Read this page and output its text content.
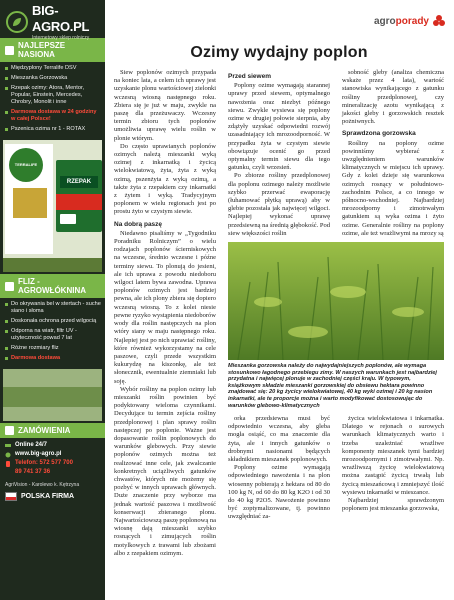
BIG-AGRO.PL
Internetowy sklep rolniczy
NAJLEPSZE NASIONA
Międzyplony Terralife DSV
Mieszanka Gorzowska
Rzepak ozimy: Atora, Mentor, Popular, Einstein, Mercedes, Chrobry, Monolit i inne
Darmowa dostawa w 24 godziny w całej Polsce!
Pszenica ozima nr 1 - ROTAX
TERRALIFE
RZEPAK
FLIZ - AGROWŁÓKNINA
Do okrywania bel w stertach - suche siano i słoma
Doskonała ochrona przed wilgocią
Odporna na wiatr, filtr UV - użyteczność powad 7 lat
Różne rozmiary fliz
Darmowa dostawa
ZAMÓWIENIA
Online 24/7
www.big-agro.pl
Telefon: 572 577 700
89 741 37 36
AgriVision - Karolewo k. Kętrzyna
POLSKA FIRMA
agroporady
Ozimy wydajny poplon

Siew poplonów ozimych przypada na koniec lata, a celem ich uprawy jest uzyskanie plonu wartościowej zielonki wczesną wiosną następnego roku. Zbiera się je już w maju, zwykle na paszę dla przeżuwaczy. Wczesny termin zbioru tych poplonów umożliwia uprawę wielu roślin w plonie wtórym.

Do często uprawianych poplonów ozimych należą mieszanki wyką ozimej z inkarnatką i życicą wielokwiatową, żyta, żyta z wyką ozimą, pszenżyta z wyką ozimą, a także żyta z rzepakiem czy inkarnatki z żytem i wyką. Tradycyjnym poplonem w wielu regionach jest po prostu żyto w czystym siewie.

Na dobrą paszę

Niedawno pisaliśmy w „Tygodniku Poradniku Rolniczym” o wielu rodzajach poplonów ścierniskowych na wczesne, średnio wczesne i późne terminy siewu. To plonują do jesieni, ale ich uprawa z powodu niedoboru wilgoci latem bywa zawodna. Uprawa poplonów ozimych jest bardziej pewna, ale ich plony zbiera się dopiero wczesną wiosną. To z kolei niesie pewne ryzyko wystąpienia niedoborów wody dla roślin następczych na plon wtóry siany w maju następnego roku. Najlepiej jest po nich uprawiać rośliny, które również wykorzystamy na cele paszowe, czyli przede wszystkim kukurydzę na kiszonkę, ale też słonecznik, ewentualnie ziemniaki lub soję.

Wybór rośliny na poplon ozimy lub mieszanki roślin powinien być podyktowany wieloma czynnikami. Decydujące tu termin zejścia rośliny przedplonowej i plan sprawy roślin następczej po poplonie. Ważne jest dopasowanie roślin poplonowych do warunków glebowych. Przy siewie poplonów ozimych można też realizować inne cele, jak zwalczanie konkretnych uciążliwych gatunków chwastów, których nie możemy się pozbyć w innych uprawach głównych. Duże znaczenie przy wyborze ma jednak wartość paszowa i możliwość konserwacji zbieranego plonu. Najwartościowszą paszę poplonową na wiosnę dają mieszanki szybko rosnących i zimujących roślin motylkowych z trawami lub zbożami albo z rzepakiem ozimym.

Przed siewem

Poplony ozime wymagają starannej uprawy przed siewem, optymalnego nawożenia oraz niezbyt późnego siewu. Zwykle wysiewa się poplony ozime w drugiej połowie sierpnia, aby zdążyły uzyskać odpowiedni rozwój uzasadniający ich mrozoodporność. W przypadku żyta w czystym siewie obowiązuje ocenić go przed optymalny termin siewu dla tego gatunku, czyli wrzesień.

Po zbiorze rośliny przedplonowej dla poplonu ozimego należy możliwie szybko przerwać ewaporację (łuhamować płytką uprawą) aby w glebie pozostała jak najwięcej wilgoci. Najlepiej wykonać uprawę przedsiewną na średnią głębokość. Pod siew większości roślin

sobność gleby (analiza chemiczna wskaże przez 4 lata), wartość stanowiska wynikającego z gatunku rośliny przedplonowej, czy mineralizację azotu wynikającą z jakości gleby i gorzowskich resztek pożniwnych.

Sprawdzona gorzowska

Rośliny na poplony ozime powinniśmy wybierać z uwzględnieniem warunków klimatycznych w miejscu ich uprawy. Gdy z kolei dzieje się warunkowa ozimych rosnący w południowo-zachodnim Polsce, a co innego w północno-wschodniej. Najbardziej mrozoodporny i zimotrwałym gatunkiem są wyka ozima i żyto ozime. Generalnie rośliny na poplony ozime, ale też wrażliwymi na mrozy są

Mieszanka gorzowska należy do najwydajniejszych poplonów, ale wymaga stosunkowo łagodnego przebiegu zimy. W naszych warunkach jest najbardziej przydatna i najwięcej plonuje w zachodniej części kraju. W typowym, książkowym składzie mieszanki gorzowskiej do obsiewu hektara powinno znajdować się: 20 kg życicy wielokwiatowej, 40 kg wyki ozimej i 20 kg nasion inkarnatki, ale te proporcje można i warto modyfikować dostosowując do warunków glebowo-klimatycznych

orka przedsiewna musi być odpowiednio wczesna, aby gleba mogła osiąść, co ma znaczenie dla żyta, ale i innych gatunków o drobnymi nasionami będących składnikiem mieszanek poplonowych.

Poplony ozime wymagają odpowiedniego nawożenia i na plon wiosenny pobierają z hektara od 80 do 100 kg N, od 60 do 80 kg K2O i od 30 do 40 kg P2O5. Nawożenie powinno być zoptymalizowane, tj. powinno uwzględniać za-

życica wielokwiatowa i inkarnatka. Dlatego w rejonach o surowych warunkach klimatycznych warto i trzeba uzależniać wrażliwe komponenty mieszanek tymi bardziej mrozoodpornymi i zimotrwałymi. Np. wrażliwszą życicę wielokwiatową można zastąpić życicą trwałą lub życicą mieszańcową i zmniejszyć ilość wysiewu inkarnatki w mieszance.

Najbardziej sprawdzonym poplonem jest mieszanka gorzowska,
